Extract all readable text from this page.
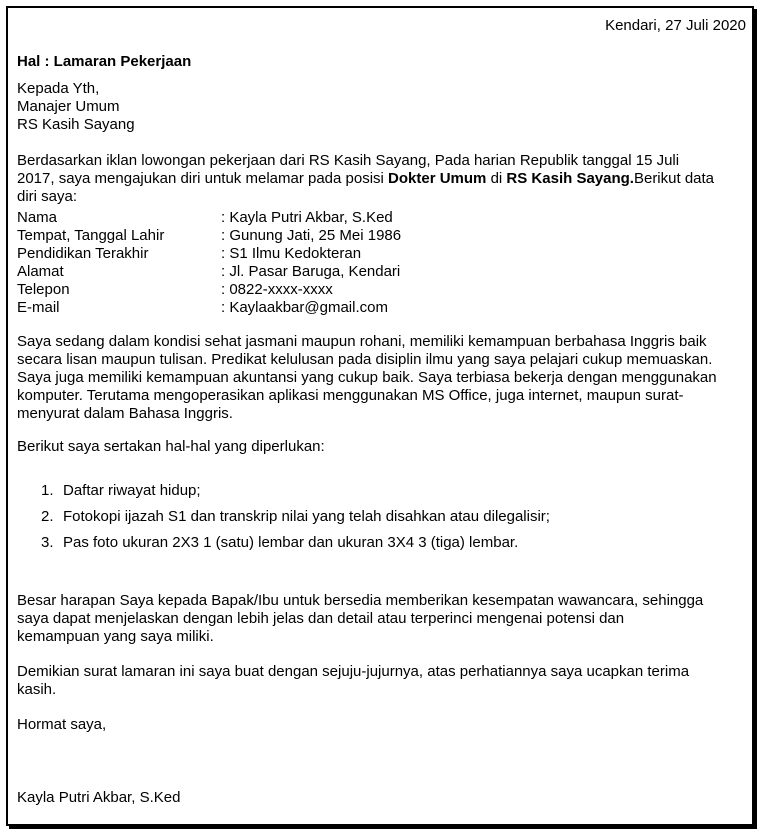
Kendari, 27 Juli 2020
Hal : Lamaran Pekerjaan
Kepada Yth,
Manajer Umum
RS Kasih Sayang
Berdasarkan iklan lowongan pekerjaan dari RS Kasih Sayang, Pada harian Republik tanggal 15 Juli
2017, saya mengajukan diri untuk melamar pada posisi Dokter Umum di RS Kasih Sayang.Berikut data
diri saya:
Nama	: Kayla Putri Akbar, S.Ked
Tempat, Tanggal Lahir	: Gunung Jati, 25 Mei 1986
Pendidikan Terakhir	: S1 Ilmu Kedokteran
Alamat	: Jl. Pasar Baruga, Kendari
Telepon	: 0822-xxxx-xxxx
E-mail	: Kaylaakbar@gmail.com
Saya sedang dalam kondisi sehat jasmani maupun rohani, memiliki kemampuan berbahasa Inggris baik
secara lisan maupun tulisan. Predikat kelulusan pada disiplin ilmu yang saya pelajari cukup memuaskan.
Saya juga memiliki kemampuan akuntansi yang cukup baik. Saya terbiasa bekerja dengan menggunakan
komputer. Terutama mengoperasikan aplikasi menggunakan MS Office, juga internet, maupun surat-
menyurat dalam Bahasa Inggris.
Berikut saya sertakan hal-hal yang diperlukan:
1. Daftar riwayat hidup;
2. Fotokopi ijazah S1 dan transkrip nilai yang telah disahkan atau dilegalisir;
3. Pas foto ukuran 2X3 1 (satu) lembar dan ukuran 3X4 3 (tiga) lembar.
Besar harapan Saya kepada Bapak/Ibu untuk bersedia memberikan kesempatan wawancara, sehingga
saya dapat menjelaskan dengan lebih jelas dan detail atau terperinci mengenai potensi dan
kemampuan yang saya miliki.
Demikian surat lamaran ini saya buat dengan sejuju-jujurnya, atas perhatiannya saya ucapkan terima
kasih.
Hormat saya,
Kayla Putri Akbar, S.Ked
